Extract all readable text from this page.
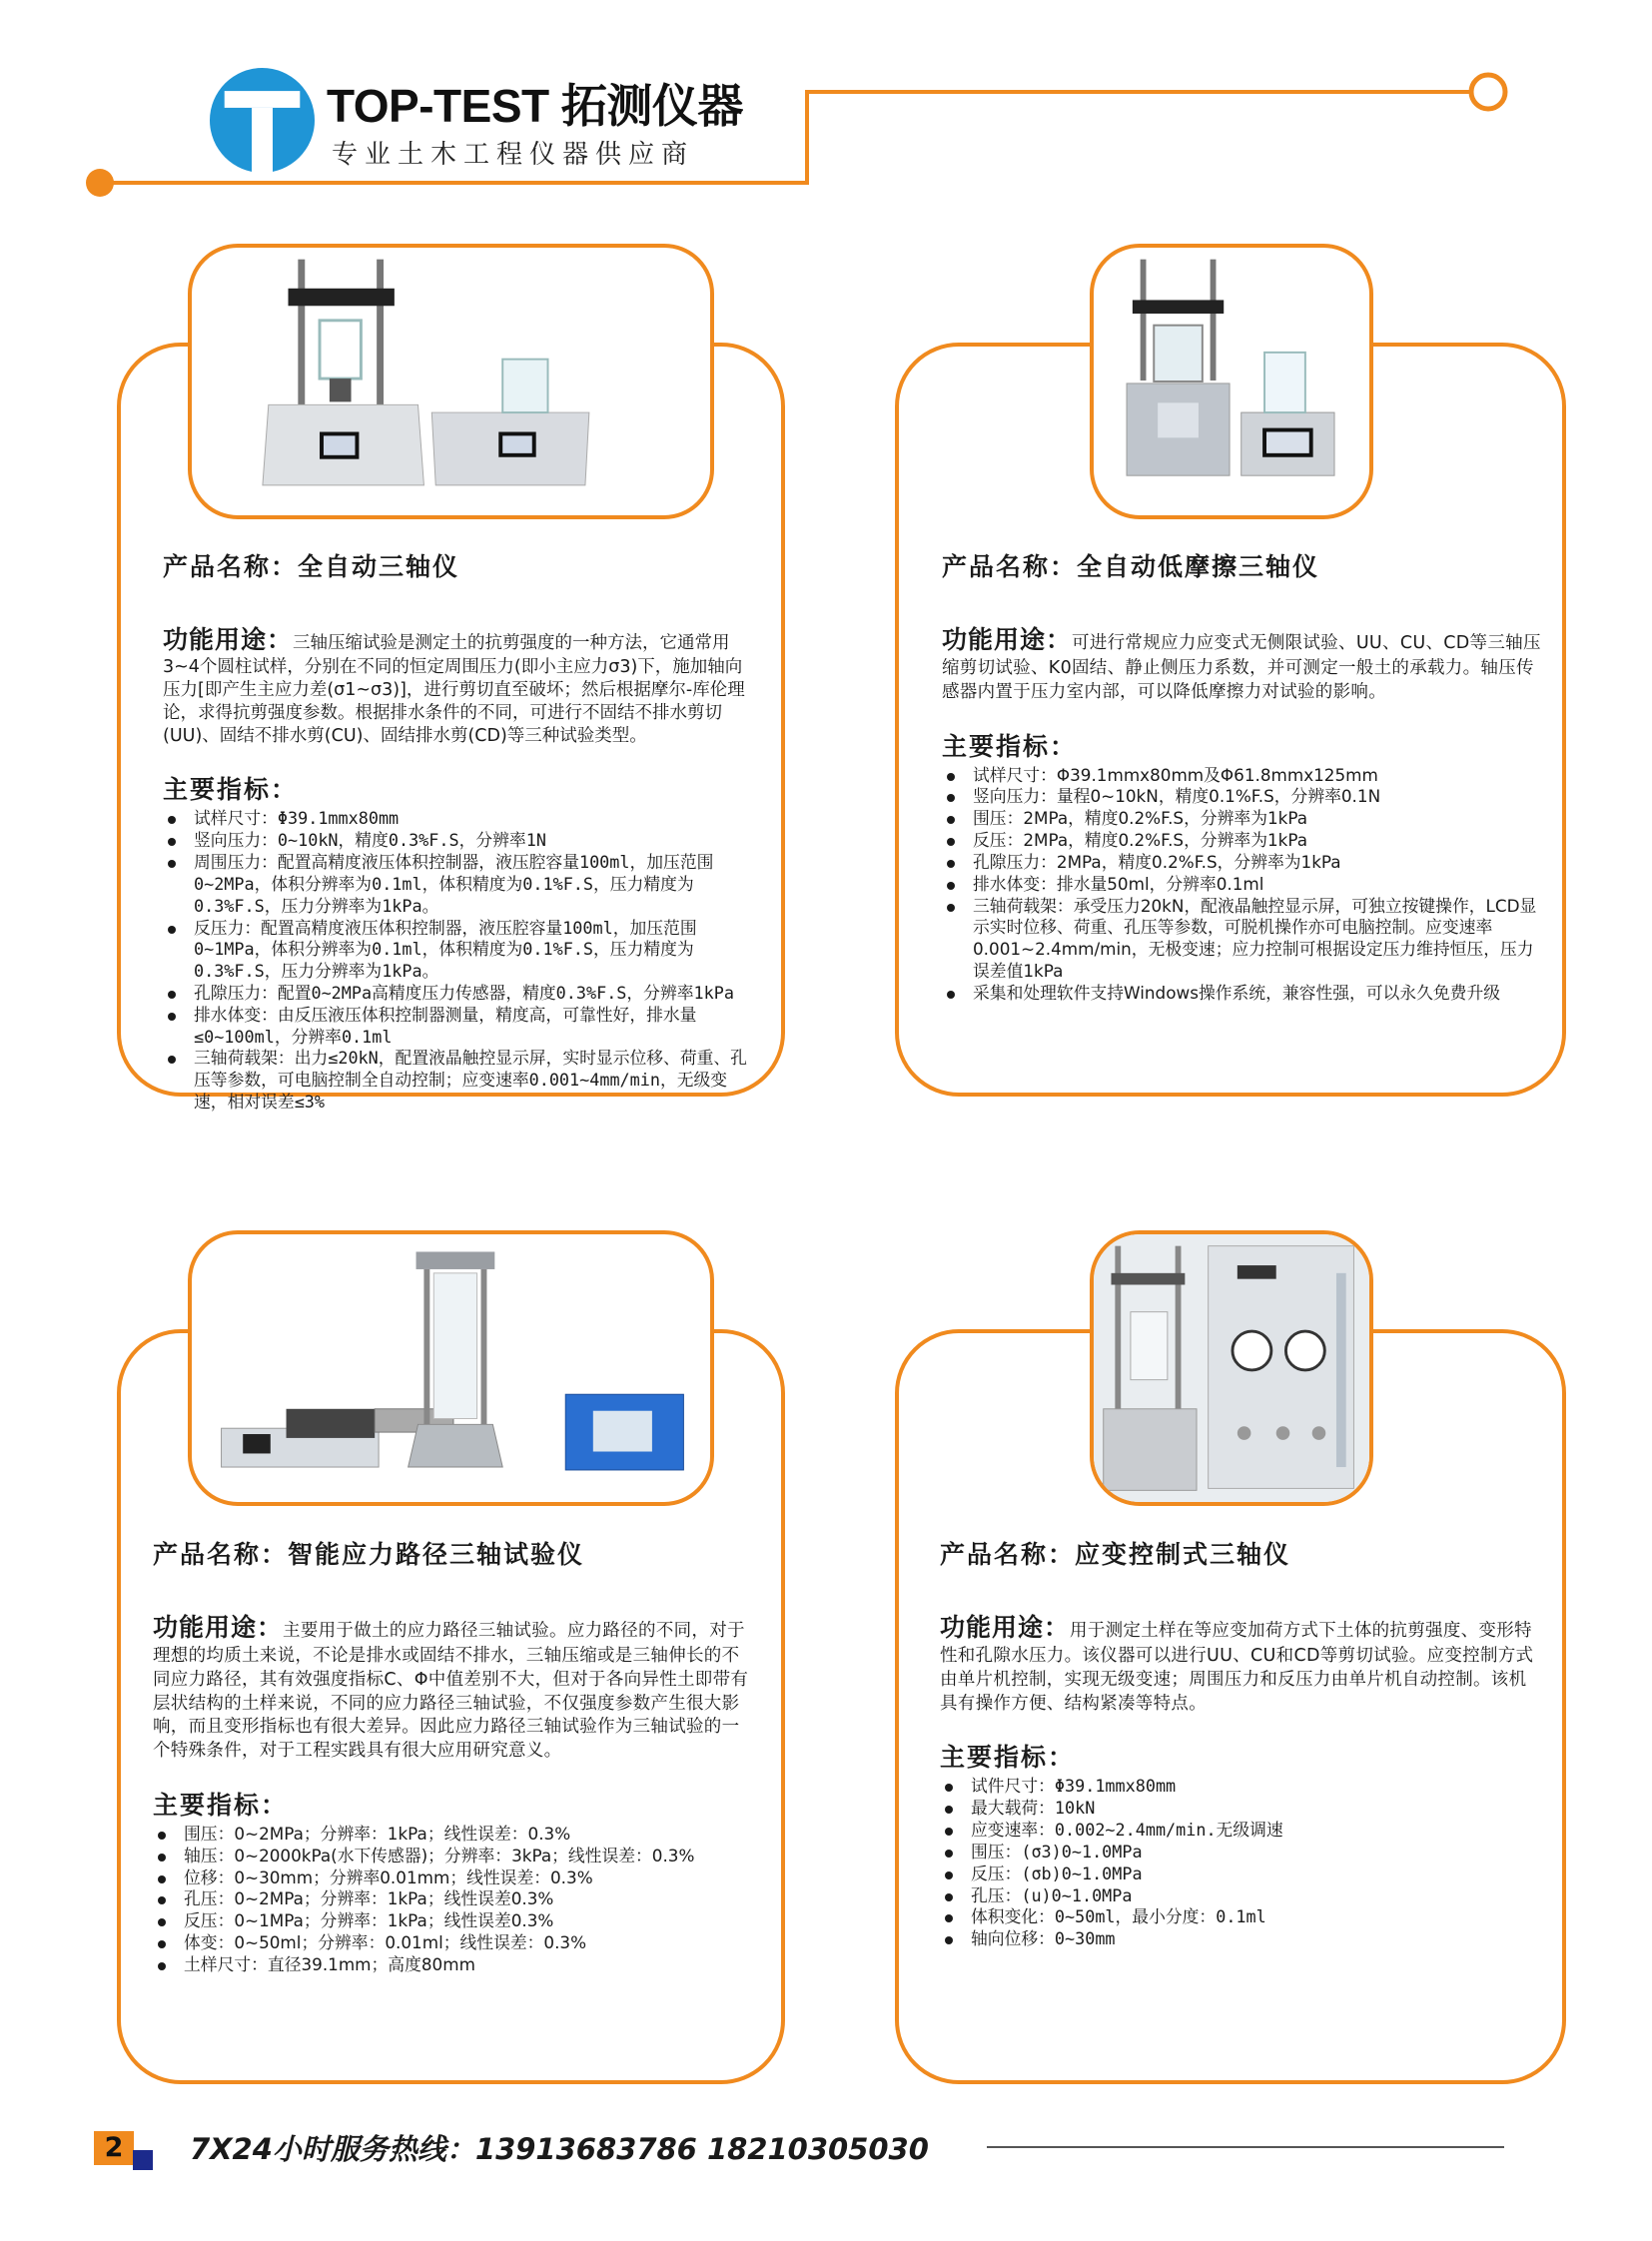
TOP-TEST 拓测仪器
专业土木工程仪器供应商
产品名称：全自动三轴仪

功能用途：三轴压缩试验是测定土的抗剪强度的一种方法，它通常用3~4个圆柱试样，分别在不同的恒定周围压力(即小主应力σ3)下，施加轴向压力[即产生主应力差(σ1~σ3)]，进行剪切直至破坏；然后根据摩尔-库伦理论，求得抗剪强度参数。根据排水条件的不同，可进行不固结不排水剪切(UU)、固结不排水剪(CU)、固结排水剪(CD)等三种试验类型。

主要指标：
试样尺寸：Φ39.1mmx80mm
竖向压力：0~10kN，精度0.3%F.S，分辨率1N
周围压力：配置高精度液压体积控制器，液压腔容量100ml，加压范围0~2MPa，体积分辨率为0.1ml，体积精度为0.1%F.S，压力精度为0.3%F.S，压力分辨率为1kPa。
反压力：配置高精度液压体积控制器，液压腔容量100ml，加压范围0~1MPa，体积分辨率为0.1ml，体积精度为0.1%F.S，压力精度为0.3%F.S，压力分辨率为1kPa。
孔隙压力：配置0~2MPa高精度压力传感器，精度0.3%F.S，分辨率1kPa
排水体变：由反压液压体积控制器测量，精度高，可靠性好，排水量≤0~100ml，分辨率0.1ml
三轴荷载架：出力≤20kN，配置液晶触控显示屏，实时显示位移、荷重、孔压等参数，可电脑控制全自动控制；应变速率0.001~4mm/min，无级变速，相对误差≤3%
产品名称：全自动低摩擦三轴仪

功能用途：可进行常规应力应变式无侧限试验、UU、CU、CD等三轴压缩剪切试验、K0固结、静止侧压力系数，并可测定一般土的承载力。轴压传感器内置于压力室内部，可以降低摩擦力对试验的影响。

主要指标：
试样尺寸：Φ39.1mmx80mm及Φ61.8mmx125mm
竖向压力：量程0~10kN，精度0.1%F.S，分辨率0.1N
围压：2MPa，精度0.2%F.S，分辨率为1kPa
反压：2MPa，精度0.2%F.S，分辨率为1kPa
孔隙压力：2MPa，精度0.2%F.S，分辨率为1kPa
排水体变：排水量50ml，分辨率0.1ml
三轴荷载架：承受压力20kN，配液晶触控显示屏，可独立按键操作，LCD显示实时位移、荷重、孔压等参数，可脱机操作亦可电脑控制。应变速率0.001~2.4mm/min，无极变速；应力控制可根据设定压力维持恒压，压力误差值1kPa
采集和处理软件支持Windows操作系统，兼容性强，可以永久免费升级
产品名称：智能应力路径三轴试验仪

功能用途：主要用于做土的应力路径三轴试验。应力路径的不同，对于理想的均质土来说，不论是排水或固结不排水，三轴压缩或是三轴伸长的不同应力路径，其有效强度指标C、Φ中值差别不大，但对于各向异性土即带有层状结构的土样来说，不同的应力路径三轴试验，不仅强度参数产生很大影响，而且变形指标也有很大差异。因此应力路径三轴试验作为三轴试验的一个特殊条件，对于工程实践具有很大应用研究意义。

主要指标：
围压：0~2MPa；分辨率：1kPa；线性误差：0.3%
轴压：0~2000kPa(水下传感器)；分辨率：3kPa；线性误差：0.3%
位移：0~30mm；分辨率0.01mm；线性误差：0.3%
孔压：0~2MPa；分辨率：1kPa；线性误差0.3%
反压：0~1MPa；分辨率：1kPa；线性误差0.3%
体变：0~50ml；分辨率：0.01ml；线性误差：0.3%
土样尺寸：直径39.1mm；高度80mm
产品名称：应变控制式三轴仪

功能用途：用于测定土样在等应变加荷方式下土体的抗剪强度、变形特性和孔隙水压力。该仪器可以进行UU、CU和CD等剪切试验。应变控制方式由单片机控制，实现无级变速；周围压力和反压力由单片机自动控制。该机具有操作方便、结构紧凑等特点。

主要指标：
试件尺寸：Φ39.1mmx80mm
最大载荷：10kN
应变速率：0.002~2.4mm/min.无级调速
围压：(σ3)0~1.0MPa
反压：(σb)0~1.0MPa
孔压：(u)0~1.0MPa
体积变化：0~50ml，最小分度：0.1ml
轴向位移：0~30mm
2	7X24小时服务热线：13913683786 18210305030
